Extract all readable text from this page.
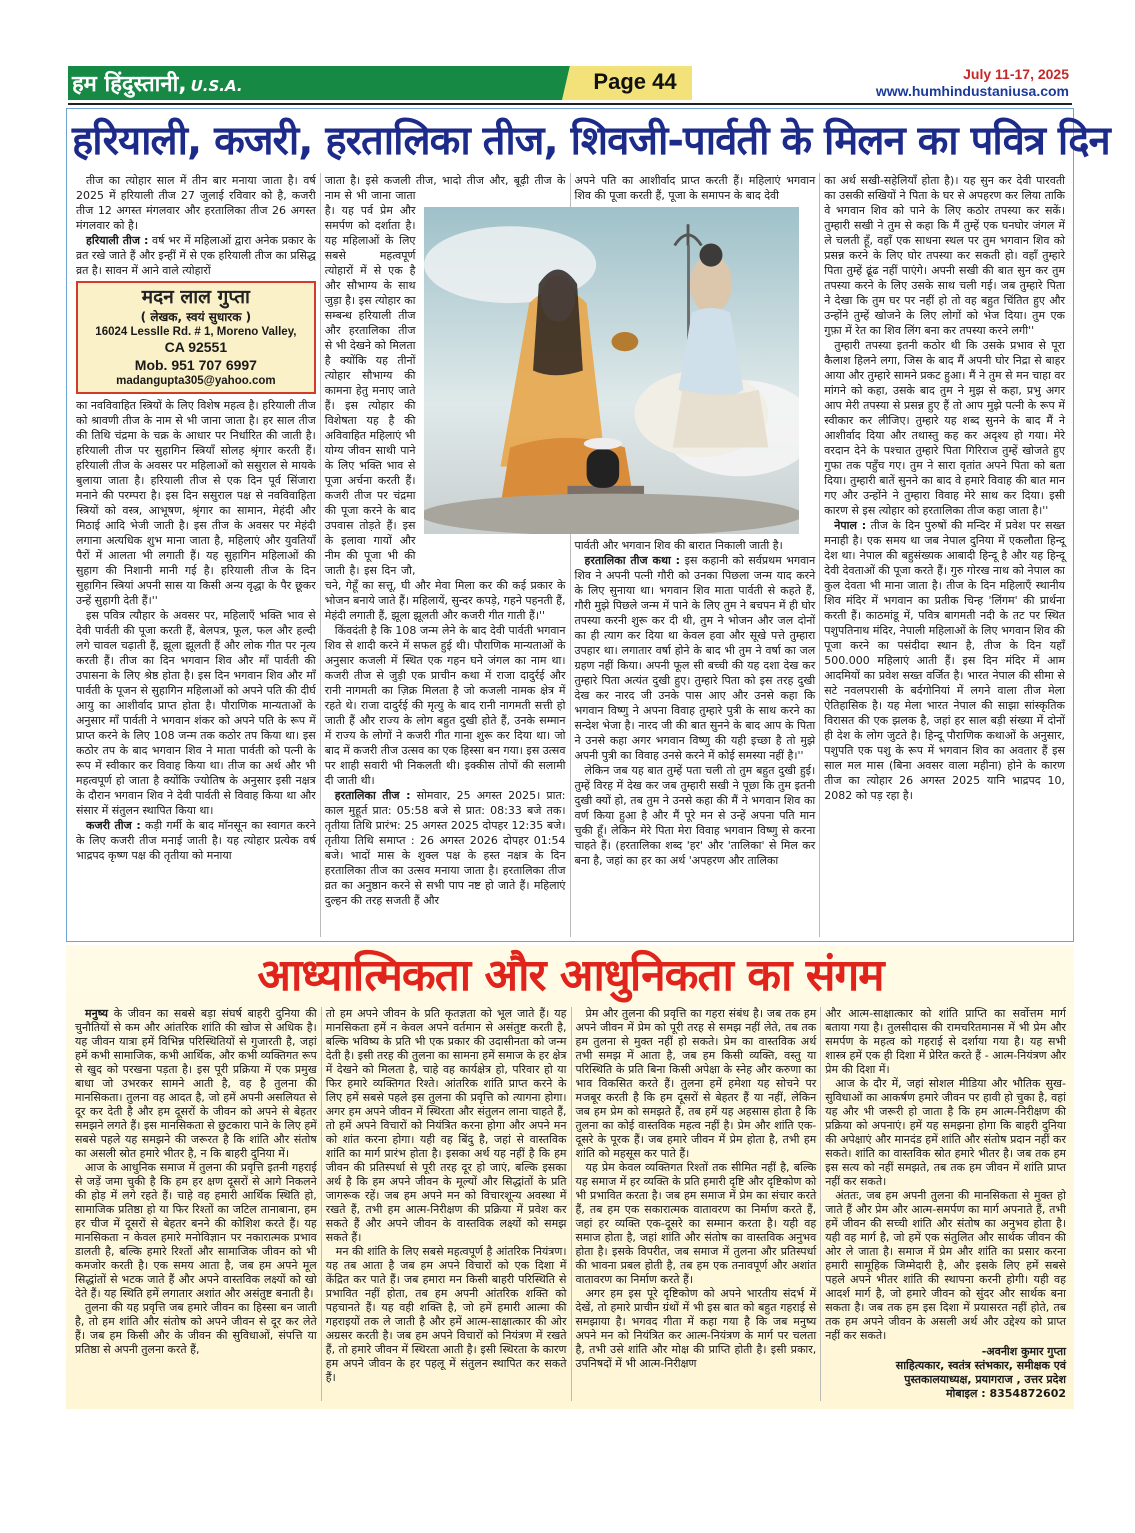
हम हिंदुस्तानी, U.S.A.	Page 44	July 11-17, 2025
www.humhindustaniusa.com
हरियाली, कजरी, हरतालिका तीज, शिवजी-पार्वती के मिलन का पवित्र दिन

तीज का त्योहार साल में तीन बार मनाया जाता है। वर्ष 2025 में हरियाली तीज 27 जुलाई रविवार को है, कजरी तीज 12 अगस्त मंगलवार और हरतालिका तीज 26 अगस्त मंगलवार को है।

हरियाली तीज : वर्ष भर में महिलाओं द्वारा अनेक प्रकार के व्रत रखे जाते हैं और इन्हीं में से एक हरियाली तीज का प्रसिद्ध व्रत है। सावन में आने वाले त्योहारों

मदन लाल गुप्ता
( लेखक, स्वयं सुधारक )
16024 Lesslle Rd. # 1, Moreno Valley,
CA 92551
Mob. 951 707 6997
madangupta305@yahoo.com

का नवविवाहित स्त्रियों के लिए विशेष महत्व है। हरियाली तीज को श्रावणी तीज के नाम से भी जाना जाता है। हर साल तीज की तिथि चंद्रमा के चक्र के आधार पर निर्धारित की जाती है। हरियाली तीज पर सुहागिन स्त्रियाँ सोलह श्रृंगार करती हैं। हरियाली तीज के अवसर पर महिलाओं को ससुराल से मायके बुलाया जाता है। हरियाली तीज से एक दिन पूर्व सिंजारा मनाने की परम्परा है। इस दिन ससुराल पक्ष से नवविवाहिता स्त्रियों को वस्त्र, आभूषण, श्रृंगार का सामान, मेहंदी और मिठाई आदि भेजी जाती है। इस तीज के अवसर पर मेहंदी लगाना अत्यधिक शुभ माना जाता है, महिलाएं और युवतियाँ पैरों में आलता भी लगाती हैं। यह सुहागिन महिलाओं की सुहाग की निशानी मानी गई है। हरियाली तीज के दिन सुहागिन स्त्रियां अपनी सास या किसी अन्य वृद्धा के पैर छूकर उन्हें सुहागी देती हैं।''

इस पवित्र त्यौहार के अवसर पर, महिलाएँ भक्ति भाव से देवी पार्वती की पूजा करती हैं, बेलपत्र, फूल, फल और हल्दी लगे चावल चढ़ाती हैं, झूला झूलती हैं और लोक गीत पर नृत्य करती हैं। तीज का दिन भगवान शिव और माँ पार्वती की उपासना के लिए श्रेष्ठ होता है। इस दिन भगवान शिव और माँ पार्वती के पूजन से सुहागिन महिलाओं को अपने पति की दीर्घ आयु का आशीर्वाद प्राप्त होता है। पौराणिक मान्यताओं के अनुसार माँ पार्वती ने भगवान शंकर को अपने पति के रूप में प्राप्त करने के लिए 108 जन्म तक कठोर तप किया था। इस कठोर तप के बाद भगवान शिव ने माता पार्वती को पत्नी के रूप में स्वीकार कर विवाह किया था। तीज का अर्थ और भी महत्वपूर्ण हो जाता है क्योंकि ज्योतिष के अनुसार इसी नक्षत्र के दौरान भगवान शिव ने देवी पार्वती से विवाह किया था और संसार में संतुलन स्थापित किया था।

कजरी तीज : कड़ी गर्मी के बाद मॉनसून का स्वागत करने के लिए कजरी तीज मनाई जाती है। यह त्योहार प्रत्येक वर्ष भाद्रपद कृष्ण पक्ष की तृतीया को मनाया

जाता है। इसे कजली तीज, भादो तीज और, बूढ़ी तीज के नाम से भी जाना जाता है। यह पर्व प्रेम और समर्पण को दर्शाता है। यह महिलाओं के लिए सबसे महत्वपूर्ण त्योहारों में से एक है और सौभाग्य के साथ जुड़ा है। इस त्योहार का सम्बन्ध हरियाली तीज और हरतालिका तीज से भी देखने को मिलता है क्योंकि यह तीनों त्योहार सौभाग्य की कामना हेतु मनाए जाते हैं। इस त्योहार की विशेषता यह है की अविवाहित महिलाएं भी योग्य जीवन साथी पाने के लिए भक्ति भाव से पूजा अर्चना करती हैं। कजरी तीज पर चंद्रमा की पूजा करने के बाद उपवास तोड़ते हैं। इस के इलावा गायों और नीम की पूजा भी की जाती है। इस दिन जौ, चने, गेहूँ का सत्तू, घी और मेवा मिला कर की कई प्रकार के भोजन बनाये जाते हैं। महिलायें, सुन्दर कपड़े, गहने पहनती हैं, मेहंदी लगाती हैं, झूला झूलती और कजरी गीत गाती हैं।''

किंवदंती है कि 108 जन्म लेने के बाद देवी पार्वती भगवान शिव से शादी करने में सफल हुई थी। पौराणिक मान्यताओं के अनुसार कजली में स्थित एक गहन घने जंगल का नाम था। कजरी तीज से जुड़ी एक प्राचीन कथा में राजा दादुर्रई और रानी नागमती का ज़िक्र मिलता है जो कजली नामक क्षेत्र में रहते थे। राजा दादुर्रई की मृत्यु के बाद रानी नागमती सत्ती हो जाती हैं और राज्य के लोग बहुत दुखी होते हैं, उनके सम्मान में राज्य के लोगों ने कजरी गीत गाना शुरू कर दिया था। जो बाद में कजरी तीज उत्सव का एक हिस्सा बन गया। इस उत्सव पर शाही सवारी भी निकलती थी। इक्कीस तोपों की सलामी दी जाती थी।

हरतालिका तीज : सोमवार, 25 अगस्त 2025। प्रात: काल मुहूर्त प्रात: 05:58 बजे से प्रात: 08:33 बजे तक। तृतीया तिथि प्रारंभ: 25 अगस्त 2025 दोपहर 12:35 बजे। तृतीया तिथि समाप्त : 26 अगस्त 2026 दोपहर 01:54 बजे। भादों मास के शुक्ल पक्ष के हस्त नक्षत्र के दिन हरतालिका तीज का उत्सव मनाया जाता है। हरतालिका तीज व्रत का अनुष्ठान करने से सभी पाप नष्ट हो जाते हैं। महिलाएं दुल्हन की तरह सजती हैं और

अपने पति का आशीर्वाद प्राप्त करती हैं। महिलाएं भगवान शिव की पूजा करती हैं, पूजा के समापन के बाद देवी

पार्वती और भगवान शिव की बारात निकाली जाती है।

हरतालिका तीज कथा : इस कहानी को सर्वप्रथम भगवान शिव ने अपनी पत्नी गौरी को उनका पिछला जन्म याद करने के लिए सुनाया था। भगवान शिव माता पार्वती से कहते हैं, गौरी मुझे पिछले जन्म में पाने के लिए तुम ने बचपन में ही घोर तपस्या करनी शुरू कर दी थी, तुम ने भोजन और जल दोनों का ही त्याग कर दिया था केवल हवा और सूखे पत्ते तुम्हारा उपहार था। लगातार वर्षा होने के बाद भी तुम ने वर्षा का जल ग्रहण नहीं किया। अपनी फूल सी बच्ची की यह दशा देख कर तुम्हारे पिता अत्यंत दुखी हुए। तुम्हारे पिता को इस तरह दुखी देख कर नारद जी उनके पास आए और उनसे कहा कि भगवान विष्णु ने अपना विवाह तुम्हारे पुत्री के साथ करने का सन्देश भेजा है। नारद जी की बात सुनने के बाद आप के पिता ने उनसे कहा अगर भगवान विष्णु की यही इच्छा है तो मुझे अपनी पुत्री का विवाह उनसे करने में कोई समस्या नहीं है।''

लेकिन जब यह बात तुम्हें पता चली तो तुम बहुत दुखी हुई। तुम्हें विरह में देख कर जब तुम्हारी सखी ने पूछा कि तुम इतनी दुखी क्यों हो, तब तुम ने उनसे कहा की मैं ने भगवान शिव का वर्ण किया हुआ है और मैं पूरे मन से उन्हें अपना पति मान चुकी हूँ। लेकिन मेरे पिता मेरा विवाह भगवान विष्णु से करना चाहते हैं। (हरतालिका शब्द 'हर' और 'तालिका' से मिल कर बना है, जहां का हर का अर्थ 'अपहरण और तालिका

का अर्थ सखी-सहेलियाँ होता है)। यह सुन कर देवी पारवती का उसकी सखियों ने पिता के घर से अपहरण कर लिया ताकि वे भगवान शिव को पाने के लिए कठोर तपस्या कर सकें। तुम्हारी सखी ने तुम से कहा कि मैं तुम्हें एक घनघोर जंगल में ले चलती हूँ, वहाँ एक साधना स्थल पर तुम भगवान शिव को प्रसन्न करने के लिए घोर तपस्या कर सकती हो। वहाँ तुम्हारे पिता तुम्हें ढूंढ नहीं पाएंगे। अपनी सखी की बात सुन कर तुम तपस्या करने के लिए उसके साथ चली गई। जब तुम्हारे पिता ने देखा कि तुम घर पर नहीं हो तो वह बहुत चिंतित हुए और उन्होंने तुम्हें खोजने के लिए लोगों को भेज दिया। तुम एक गुफ़ा में रेत का शिव लिंग बना कर तपस्या करने लगी''

तुम्हारी तपस्या इतनी कठोर थी कि उसके प्रभाव से पूरा कैलाश हिलने लगा, जिस के बाद मैं अपनी घोर निद्रा से बाहर आया और तुम्हारे सामने प्रकट हुआ। मैं ने तुम से मन चाहा वर मांगने को कहा, उसके बाद तुम ने मुझ से कहा, प्रभु अगर आप मेरी तपस्या से प्रसन्न हुए हैं तो आप मुझे पत्नी के रूप में स्वीकार कर लीजिए। तुम्हारे यह शब्द सुनने के बाद मैं ने आशीर्वाद दिया और तथास्तु कह कर अदृश्य हो गया। मेरे वरदान देने के पश्चात तुम्हारे पिता गिरिराज तुम्हें खोजते हुए गुफा तक पहुँच गए। तुम ने सारा वृतांत अपने पिता को बता दिया। तुम्हारी बातें सुनने का बाद वे हमारे विवाह की बात मान गए और उन्होंने ने तुम्हारा विवाह मेरे साथ कर दिया। इसी कारण से इस त्योहार को हरतालिका तीज कहा जाता है।''

नेपाल : तीज के दिन पुरुषों की मन्दिर में प्रवेश पर सख्त मनाही है। एक समय था जब नेपाल दुनिया में एकलौता हिन्दू देश था। नेपाल की बहुसंख्यक आबादी हिन्दू है और यह हिन्दू देवी देवताओं की पूजा करते हैं। गुरु गोरख नाथ को नेपाल का कुल देवता भी माना जाता है। तीज के दिन महिलाएँ स्थानीय शिव मंदिर में भगवान का प्रतीक चिन्ह 'लिंगम' की प्रार्थना करती हैं। काठमांडू में, पवित्र बागमती नदी के तट पर स्थित पशुपतिनाथ मंदिर, नेपाली महिलाओं के लिए भगवान शिव की पूजा करने का पसंदीदा स्थान है, तीज के दिन यहाँ 500.000 महिलाएं आती हैं। इस दिन मंदिर में आम आदमियों का प्रवेश सख्त वर्जित है। भारत नेपाल की सीमा से सटे नवलपरासी के बर्दगोनियां में लगने वाला तीज मेला ऐतिहासिक है। यह मेला भारत नेपाल की साझा सांस्कृतिक विरासत की एक झलक है, जहां हर साल बड़ी संख्या में दोनों ही देश के लोग जुटते है। हिन्दू पौराणिक कथाओं के अनुसार, पशुपति एक पशु के रूप में भगवान शिव का अवतार हैं इस साल मल मास (बिना अवसर वाला महीना) होने के कारण तीज का त्योहार 26 अगस्त 2025 यानि भाद्रपद 10, 2082 को पड़ रहा है।

आध्यात्मिकता और आधुनिकता का संगम

मनुष्य के जीवन का सबसे बड़ा संघर्ष बाहरी दुनिया की चुनौतियों से कम और आंतरिक शांति की खोज से अधिक है। यह जीवन यात्रा हमें विभिन्न परिस्थितियों से गुजारती है, जहां हमें कभी सामाजिक, कभी आर्थिक, और कभी व्यक्तिगत रूप से खुद को परखना पड़ता है। इस पूरी प्रक्रिया में एक प्रमुख बाधा जो उभरकर सामने आती है, वह है तुलना की मानसिकता। तुलना वह आदत है, जो हमें अपनी असलियत से दूर कर देती है और हम दूसरों के जीवन को अपने से बेहतर समझने लगते हैं। इस मानसिकता से छुटकारा पाने के लिए हमें सबसे पहले यह समझने की जरूरत है कि शांति और संतोष का असली स्रोत हमारे भीतर है, न कि बाहरी दुनिया में।

आज के आधुनिक समाज में तुलना की प्रवृत्ति इतनी गहराई से जड़ें जमा चुकी है कि हम हर क्षण दूसरों से आगे निकलने की होड़ में लगे रहते हैं। चाहे वह हमारी आर्थिक स्थिति हो, सामाजिक प्रतिष्ठा हो या फिर रिश्तों का जटिल तानाबाना, हम हर चीज में दूसरों से बेहतर बनने की कोशिश करते हैं। यह मानसिकता न केवल हमारे मनोविज्ञान पर नकारात्मक प्रभाव डालती है, बल्कि हमारे रिश्तों और सामाजिक जीवन को भी कमजोर करती है। एक समय आता है, जब हम अपने मूल सिद्धांतों से भटक जाते हैं और अपने वास्तविक लक्ष्यों को खो देते हैं। यह स्थिति हमें लगातार अशांत और असंतुष्ट बनाती है।

तुलना की यह प्रवृत्ति जब हमारे जीवन का हिस्सा बन जाती है, तो हम शांति और संतोष को अपने जीवन से दूर कर लेते हैं। जब हम किसी और के जीवन की सुविधाओं, संपत्ति या प्रतिष्ठा से अपनी तुलना करते हैं,

तो हम अपने जीवन के प्रति कृतज्ञता को भूल जाते हैं। यह मानसिकता हमें न केवल अपने वर्तमान से असंतुष्ट करती है, बल्कि भविष्य के प्रति भी एक प्रकार की उदासीनता को जन्म देती है। इसी तरह की तुलना का सामना हमें समाज के हर क्षेत्र में देखने को मिलता है, चाहे वह कार्यक्षेत्र हो, परिवार हो या फिर हमारे व्यक्तिगत रिश्ते। आंतरिक शांति प्राप्त करने के लिए हमें सबसे पहले इस तुलना की प्रवृत्ति को त्यागना होगा। अगर हम अपने जीवन में स्थिरता और संतुलन लाना चाहते हैं, तो हमें अपने विचारों को नियंत्रित करना होगा और अपने मन को शांत करना होगा। यही वह बिंदु है, जहां से वास्तविक शांति का मार्ग प्रारंभ होता है। इसका अर्थ यह नहीं है कि हम जीवन की प्रतिस्पर्धा से पूरी तरह दूर हो जाएं, बल्कि इसका अर्थ है कि हम अपने जीवन के मूल्यों और सिद्धांतों के प्रति जागरूक रहें। जब हम अपने मन को विचारशून्य अवस्था में रखते हैं, तभी हम आत्म-निरीक्षण की प्रक्रिया में प्रवेश कर सकते हैं और अपने जीवन के वास्तविक लक्ष्यों को समझ सकते हैं।

मन की शांति के लिए सबसे महत्वपूर्ण है आंतरिक नियंत्रण। यह तब आता है जब हम अपने विचारों को एक दिशा में केंद्रित कर पाते हैं। जब हमारा मन किसी बाहरी परिस्थिति से प्रभावित नहीं होता, तब हम अपनी आंतरिक शक्ति को पहचानते हैं। यह वही शक्ति है, जो हमें हमारी आत्मा की गहराइयों तक ले जाती है और हमें आत्म-साक्षात्कार की ओर अग्रसर करती है। जब हम अपने विचारों को नियंत्रण में रखते हैं, तो हमारे जीवन में स्थिरता आती है। इसी स्थिरता के कारण हम अपने जीवन के हर पहलू में संतुलन स्थापित कर सकते हैं।

प्रेम और तुलना की प्रवृत्ति का गहरा संबंध है। जब तक हम अपने जीवन में प्रेम को पूरी तरह से समझ नहीं लेते, तब तक हम तुलना से मुक्त नहीं हो सकते। प्रेम का वास्तविक अर्थ तभी समझ में आता है, जब हम किसी व्यक्ति, वस्तु या परिस्थिति के प्रति बिना किसी अपेक्षा के स्नेह और करुणा का भाव विकसित करते हैं। तुलना हमें हमेशा यह सोचने पर मजबूर करती है कि हम दूसरों से बेहतर हैं या नहीं, लेकिन जब हम प्रेम को समझते हैं, तब हमें यह अहसास होता है कि तुलना का कोई वास्तविक महत्व नहीं है। प्रेम और शांति एक-दूसरे के पूरक हैं। जब हमारे जीवन में प्रेम होता है, तभी हम शांति को महसूस कर पाते हैं।

यह प्रेम केवल व्यक्तिगत रिश्तों तक सीमित नहीं है, बल्कि यह समाज में हर व्यक्ति के प्रति हमारी दृष्टि और दृष्टिकोण को भी प्रभावित करता है। जब हम समाज में प्रेम का संचार करते हैं, तब हम एक सकारात्मक वातावरण का निर्माण करते हैं, जहां हर व्यक्ति एक-दूसरे का सम्मान करता है। यही वह समाज होता है, जहां शांति और संतोष का वास्तविक अनुभव होता है। इसके विपरीत, जब समाज में तुलना और प्रतिस्पर्धा की भावना प्रबल होती है, तब हम एक तनावपूर्ण और अशांत वातावरण का निर्माण करते हैं।

अगर हम इस पूरे दृष्टिकोण को अपने भारतीय संदर्भ में देखें, तो हमारे प्राचीन ग्रंथों में भी इस बात को बहुत गहराई से समझाया है। भगवद गीता में कहा गया है कि जब मनुष्य अपने मन को नियंत्रित कर आत्म-नियंत्रण के मार्ग पर चलता है, तभी उसे शांति और मोक्ष की प्राप्ति होती है। इसी प्रकार, उपनिषदों में भी आत्म-निरीक्षण

और आत्म-साक्षात्कार को शांति प्राप्ति का सर्वोत्तम मार्ग बताया गया है। तुलसीदास की रामचरितमानस में भी प्रेम और समर्पण के महत्व को गहराई से दर्शाया गया है। यह सभी शास्त्र हमें एक ही दिशा में प्रेरित करते हैं - आत्म-नियंत्रण और प्रेम की दिशा में।

आज के दौर में, जहां सोशल मीडिया और भौतिक सुख-सुविधाओं का आकर्षण हमारे जीवन पर हावी हो चुका है, वहां यह और भी जरूरी हो जाता है कि हम आत्म-निरीक्षण की प्रक्रिया को अपनाएं। हमें यह समझना होगा कि बाहरी दुनिया की अपेक्षाएं और मानदंड हमें शांति और संतोष प्रदान नहीं कर सकते। शांति का वास्तविक स्रोत हमारे भीतर है। जब तक हम इस सत्य को नहीं समझते, तब तक हम जीवन में शांति प्राप्त नहीं कर सकते।

अंततः, जब हम अपनी तुलना की मानसिकता से मुक्त हो जाते हैं और प्रेम और आत्म-समर्पण का मार्ग अपनाते हैं, तभी हमें जीवन की सच्ची शांति और संतोष का अनुभव होता है। यही वह मार्ग है, जो हमें एक संतुलित और सार्थक जीवन की ओर ले जाता है। समाज में प्रेम और शांति का प्रसार करना हमारी सामूहिक जिम्मेदारी है, और इसके लिए हमें सबसे पहले अपने भीतर शांति की स्थापना करनी होगी। यही वह आदर्श मार्ग है, जो हमारे जीवन को सुंदर और सार्थक बना सकता है। जब तक हम इस दिशा में प्रयासरत नहीं होते, तब तक हम अपने जीवन के असली अर्थ और उद्देश्य को प्राप्त नहीं कर सकते।

-अवनीश कुमार गुप्ता
साहित्यकार, स्वतंत्र स्तंभकार, समीक्षक एवं
पुस्तकालयाध्यक्ष, प्रयागराज , उत्तर प्रदेश
मोबाइल : 8354872602
